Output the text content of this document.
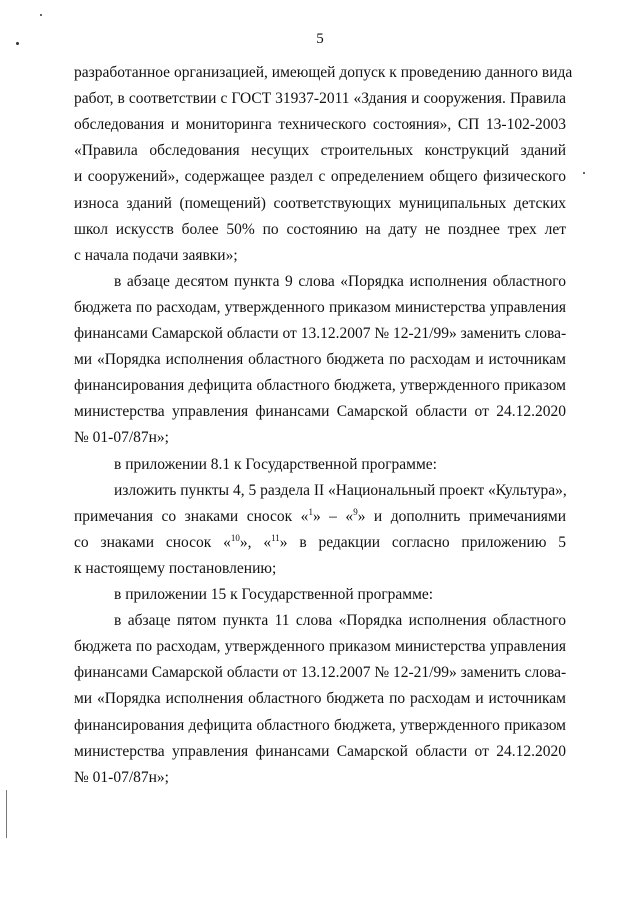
5
разработанное организацией, имеющей допуск к проведению данного вида
работ, в соответствии с ГОСТ 31937-2011 «Здания и сооружения. Правила
обследования и мониторинга технического состояния», СП 13-102-2003
«Правила обследования несущих строительных конструкций зданий
и сооружений», содержащее раздел с определением общего физического
износа зданий (помещений) соответствующих муниципальных детских
школ искусств более 50% по состоянию на дату не позднее трех лет
с начала подачи заявки»;
в абзаце десятом пункта 9 слова «Порядка исполнения областного
бюджета по расходам, утвержденного приказом министерства управления
финансами Самарской области от 13.12.2007 № 12-21/99» заменить слова-
ми «Порядка исполнения областного бюджета по расходам и источникам
финансирования дефицита областного бюджета, утвержденного приказом
министерства управления финансами Самарской области от 24.12.2020
№ 01-07/87н»;
в приложении 8.1 к Государственной программе:
изложить пункты 4, 5 раздела II «Национальный проект «Культура»,
к настоящему постановлению;
в приложении 15 к Государственной программе:
в абзаце пятом пункта 11 слова «Порядка исполнения областного
бюджета по расходам, утвержденного приказом министерства управления
финансами Самарской области от 13.12.2007 № 12-21/99» заменить слова-
ми «Порядка исполнения областного бюджета по расходам и источникам
финансирования дефицита областного бюджета, утвержденного приказом
министерства управления финансами Самарской области от 24.12.2020
№ 01-07/87н»;
примечания со знаками сносок «$^1$» – «$^9$» и дополнить примечаниями
со знаками сносок «$^{10}$», «$^{11}$» в редакции согласно приложению 5
